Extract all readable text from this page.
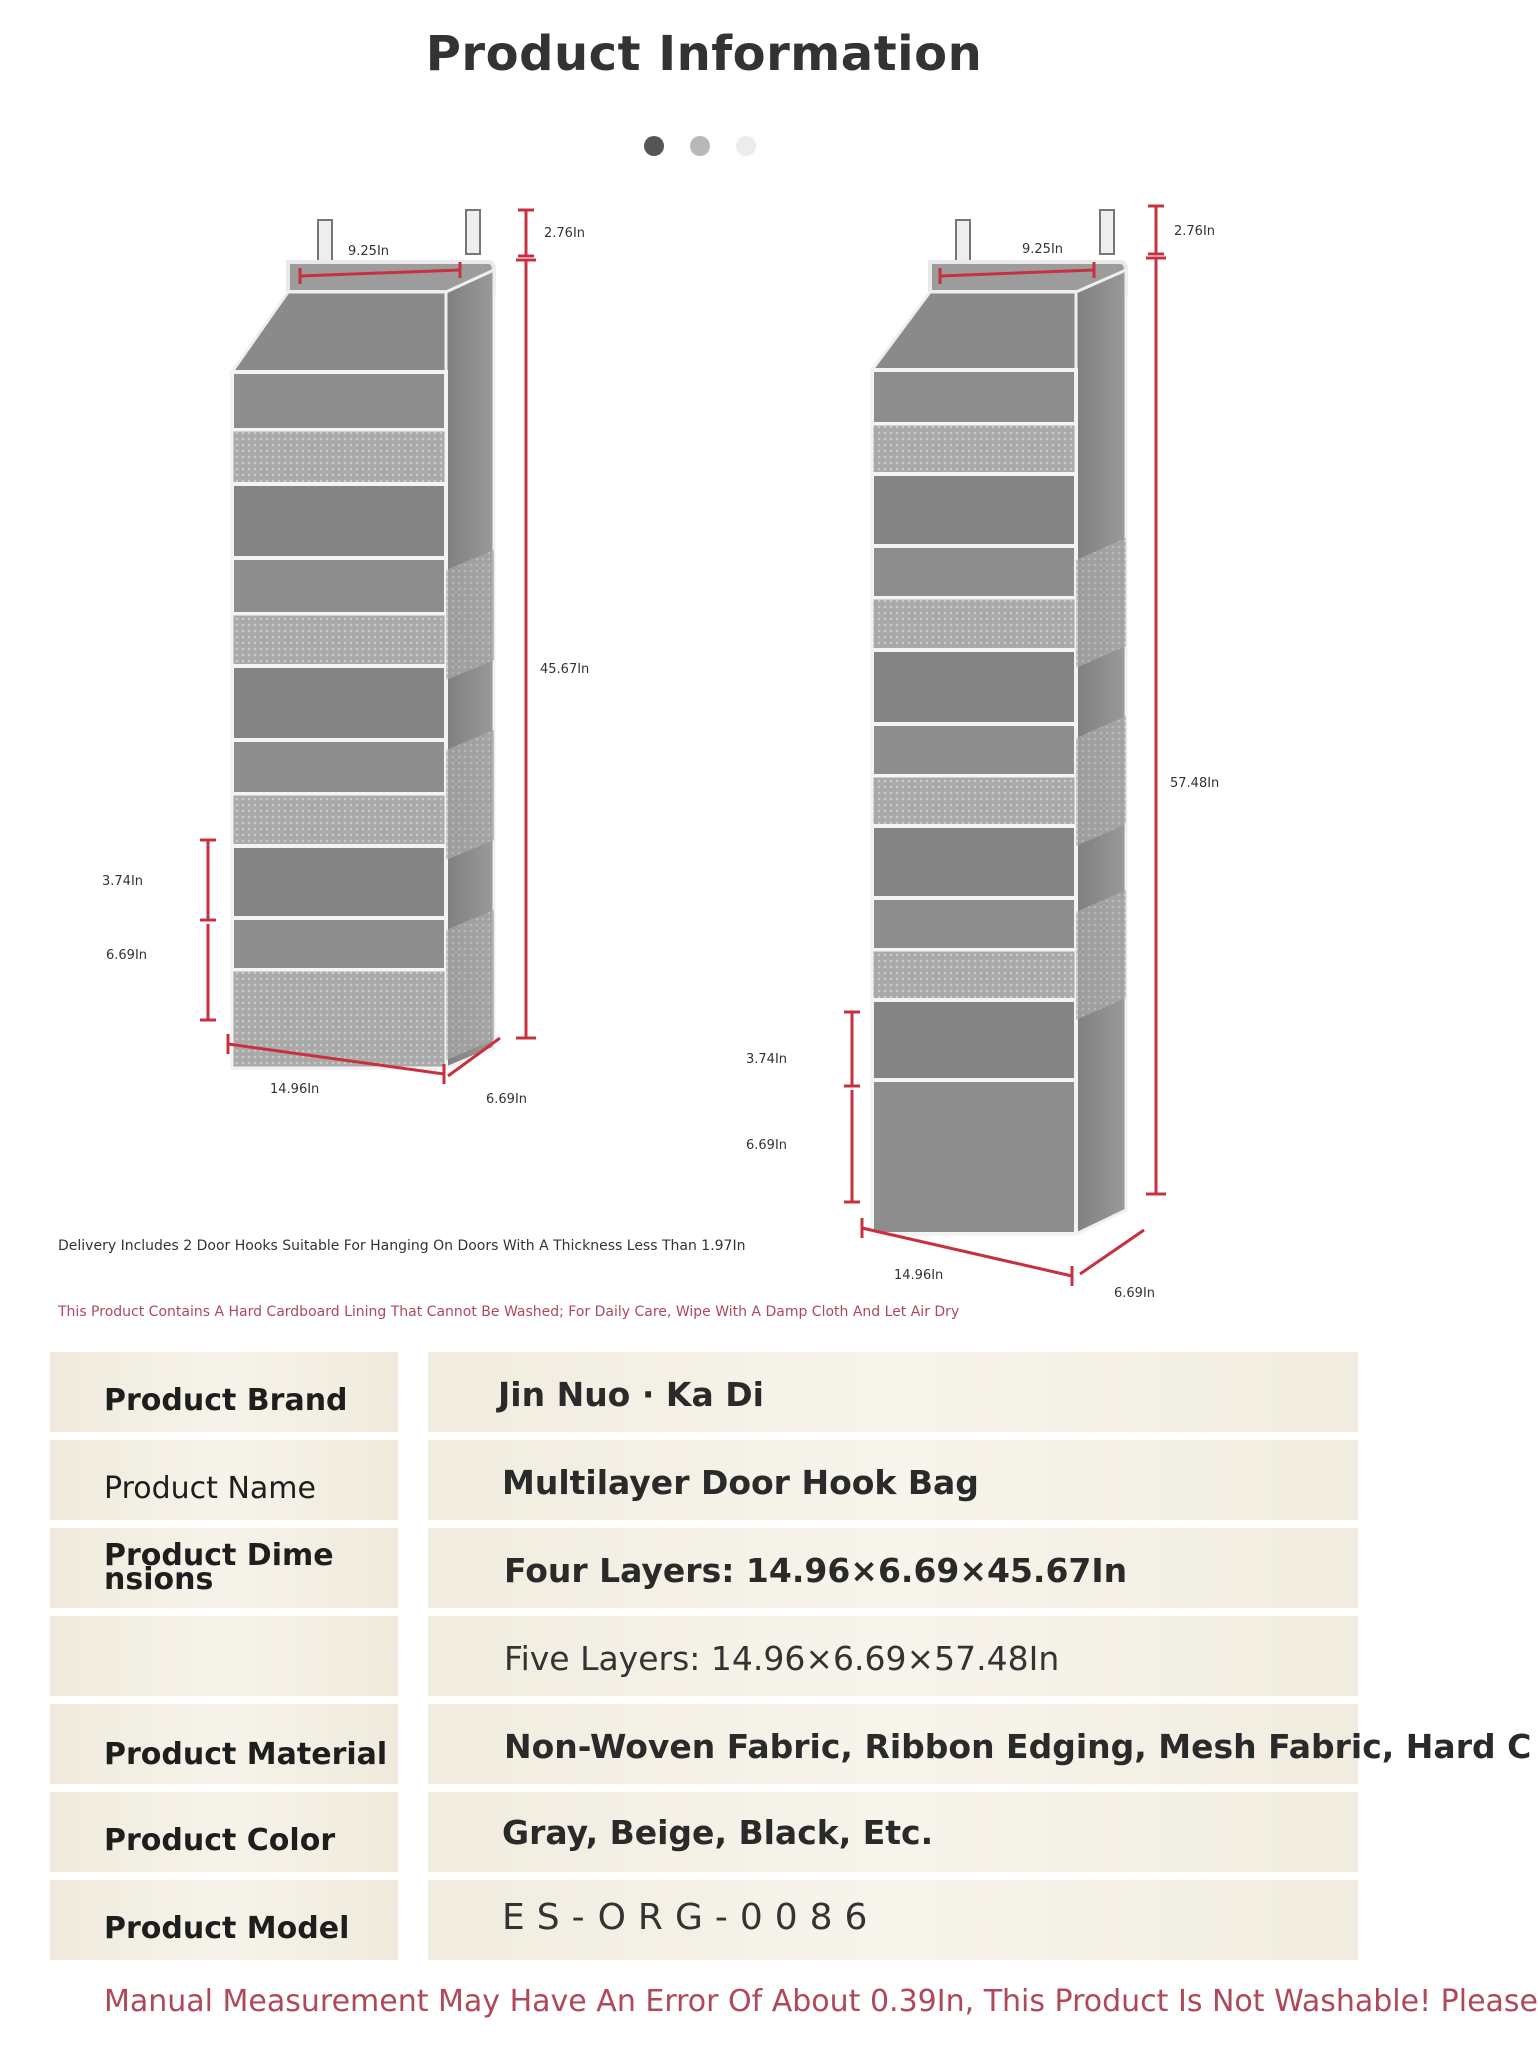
Product Information
9.25In
2.76In
45.67In
3.74In
6.69In
14.96In
6.69In
9.25In
2.76In
57.48In
3.74In
6.69In
14.96In
6.69In
Delivery Includes 2 Door Hooks Suitable For Hanging On Doors With A Thickness Less Than 1.97In
This Product Contains A Hard Cardboard Lining That Cannot Be Washed; For Daily Care, Wipe With A Damp Cloth And Let Air Dry
Product Brand	Jin Nuo · Ka Di
Product Name	Multilayer Door Hook Bag
Product Dimensions	Four Layers: 14.96×6.69×45.67In
Five Layers: 14.96×6.69×57.48In
Product Material	Non-Woven Fabric, Ribbon Edging, Mesh Fabric, Hard C
Product Color	Gray, Beige, Black, Etc.
Product Model	ES-ORG-0086
Manual Measurement May Have An Error Of About 0.39In, This Product Is Not Washable! Please
